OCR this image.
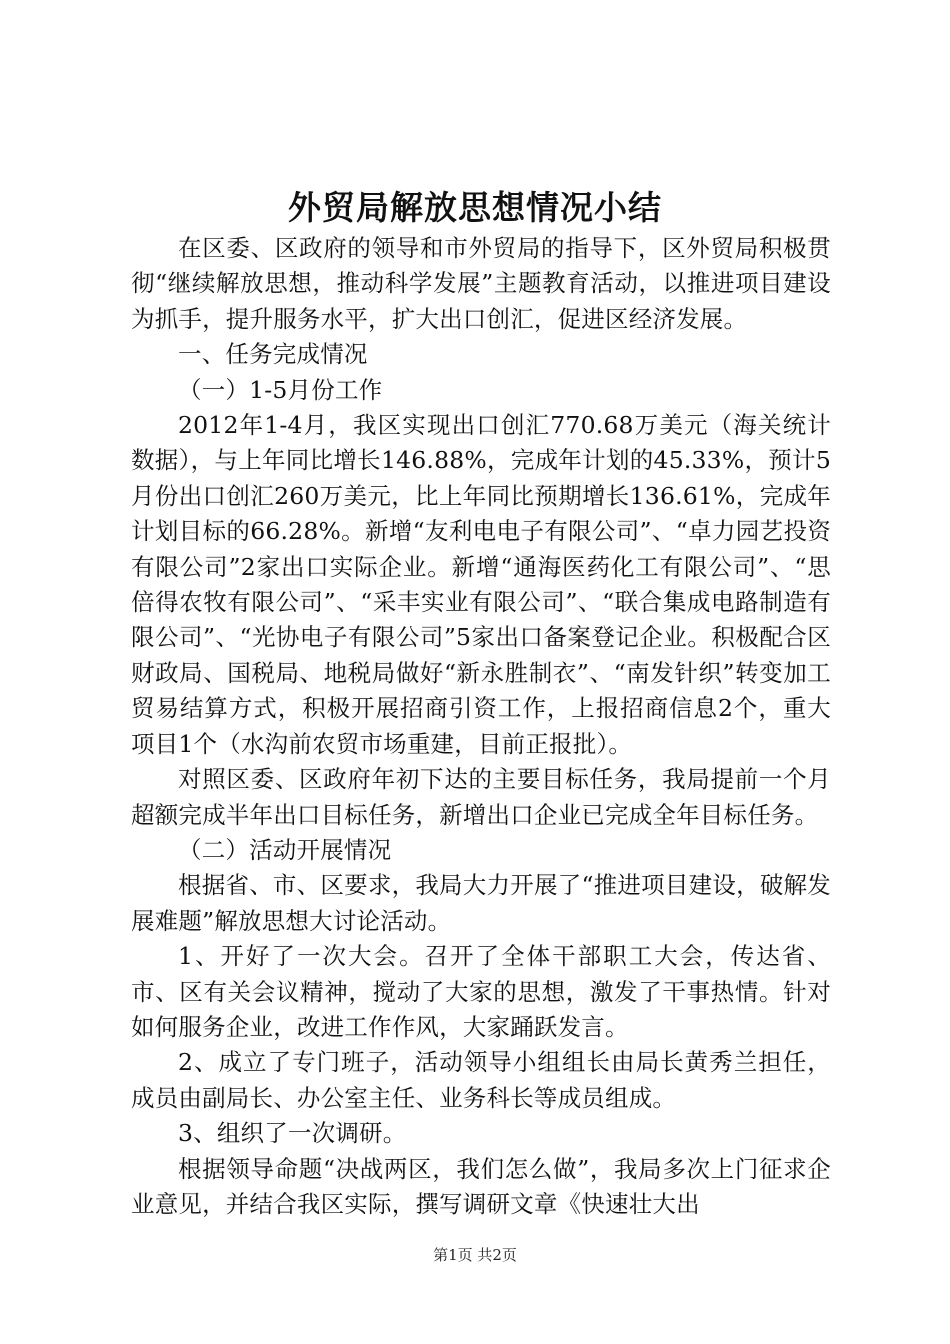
外贸局解放思想情况小结

在区委、区政府的领导和市外贸局的指导下，区外贸局积极贯彻“继续解放思想，推动科学发展”主题教育活动，以推进项目建设为抓手，提升服务水平，扩大出口创汇，促进区经济发展。

一、任务完成情况

（一）1-5月份工作

2012年1-4月，我区实现出口创汇770.68万美元（海关统计数据），与上年同比增长146.88%，完成年计划的45.33%，预计5月份出口创汇260万美元，比上年同比预期增长136.61%，完成年计划目标的66.28%。新增“友利电电子有限公司”、“卓力园艺投资有限公司”2家出口实际企业。新增“通海医药化工有限公司”、“思倍得农牧有限公司”、“采丰实业有限公司”、“联合集成电路制造有限公司”、“光协电子有限公司”5家出口备案登记企业。积极配合区财政局、国税局、地税局做好“新永胜制衣”、“南发针织”转变加工贸易结算方式，积极开展招商引资工作，上报招商信息2个，重大项目1个（水沟前农贸市场重建，目前正报批）。

对照区委、区政府年初下达的主要目标任务，我局提前一个月超额完成半年出口目标任务，新增出口企业已完成全年目标任务。

（二）活动开展情况

根据省、市、区要求，我局大力开展了“推进项目建设，破解发展难题”解放思想大讨论活动。

1、开好了一次大会。召开了全体干部职工大会，传达省、市、区有关会议精神，搅动了大家的思想，激发了干事热情。针对如何服务企业，改进工作作风，大家踊跃发言。

2、成立了专门班子，活动领导小组组长由局长黄秀兰担任，成员由副局长、办公室主任、业务科长等成员组成。

3、组织了一次调研。

根据领导命题“决战两区，我们怎么做”，我局多次上门征求企业意见，并结合我区实际，撰写调研文章《快速壮大出

第1页 共2页
